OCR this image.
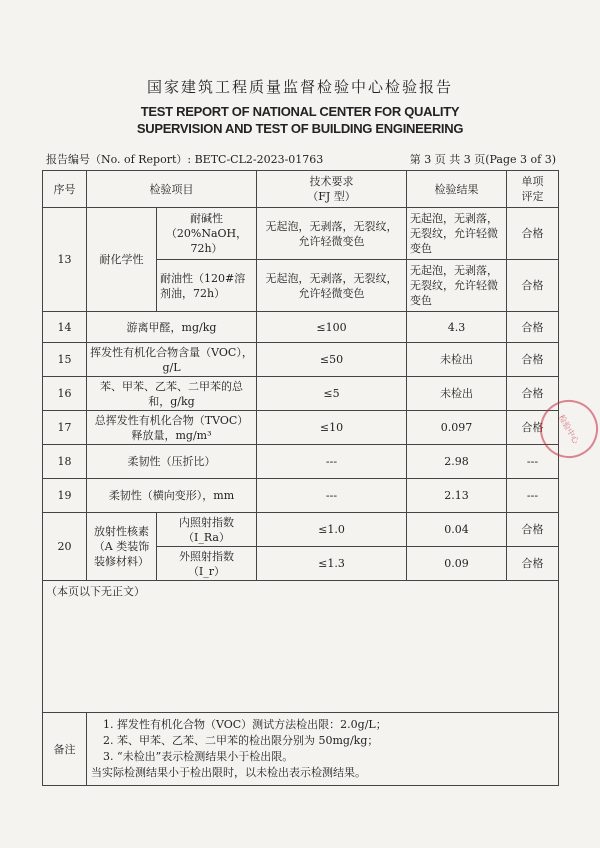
国家建筑工程质量监督检验中心检验报告
TEST REPORT OF NATIONAL CENTER FOR QUALITY
SUPERVISION AND TEST OF BUILDING ENGINEERING
报告编号（No. of Report）: BETC-CL2-2023-01763	第 3 页 共 3 页(Page 3 of 3)
序号	检验项目		技术要求
（FJ 型）	检验结果	单项
评定
13	耐化学性	耐碱性
（20%NaOH，72h）	无起泡，无剥落，无裂纹，
允许轻微变色	无起泡，无剥落，
无裂纹，允许轻微
变色	合格
		耐油性（120#溶
剂油，72h）	无起泡，无剥落，无裂纹，
允许轻微变色	无起泡，无剥落，
无裂纹，允许轻微
变色	合格
14	游离甲醛，mg/kg		≤100	4.3	合格
15	挥发性有机化合物含量（VOC），
g/L		≤50	未检出	合格
16	苯、甲苯、乙苯、二甲苯的总
和，g/kg		≤5	未检出	合格
17	总挥发性有机化合物（TVOC）
释放量，mg/m³		≤10	0.097	合格
18	柔韧性（压折比）		---	2.98	---
19	柔韧性（横向变形），mm		---	2.13	---
20	放射性核素
（A 类装饰
装修材料）	内照射指数
（I_Ra）	≤1.0	0.04	合格
		外照射指数
（I_r）	≤1.3	0.09	合格
（本页以下无正文）					
备注	1. 挥发性有机化合物（VOC）测试方法检出限：2.0g/L；
2. 苯、甲苯、乙苯、二甲苯的检出限分别为 50mg/kg；
3. “未检出”表示检测结果小于检出限。
当实际检测结果小于检出限时，以未检出表示检测结果。				
检验中心
